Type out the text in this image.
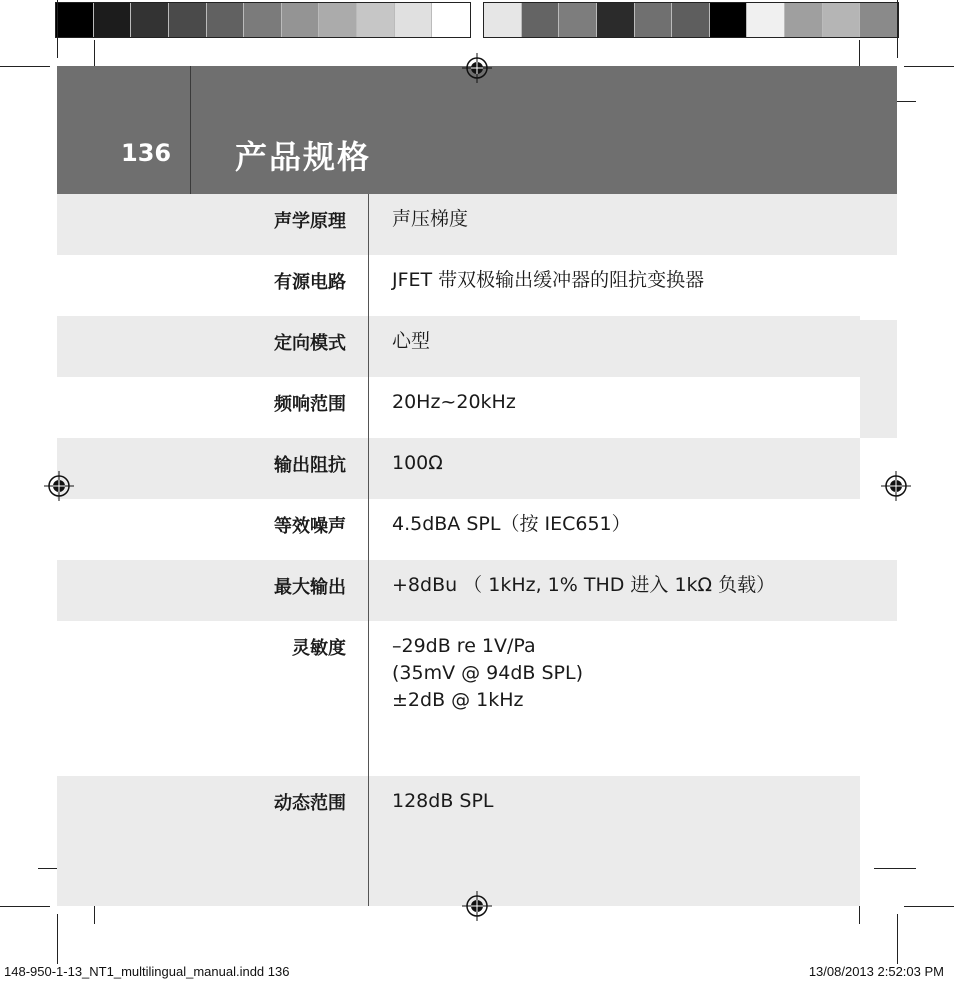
136 产品规格
声学原理 声压梯度
有源电路 JFET 带双极输出缓冲器的阻抗变换器
定向模式 心型
频响范围 20Hz~20kHz
输出阻抗 100Ω
等效噪声 4.5dBA SPL（按 IEC651）
最大输出 +8dBu （ 1kHz, 1% THD 进入 1kΩ 负载）
灵敏度 –29dB re 1V/Pa
(35mV @ 94dB SPL)
±2dB @ 1kHz
动态范围 128dB SPL
148-950-1-13_NT1_multilingual_manual.indd 136	13/08/2013 2:52:03 PM
